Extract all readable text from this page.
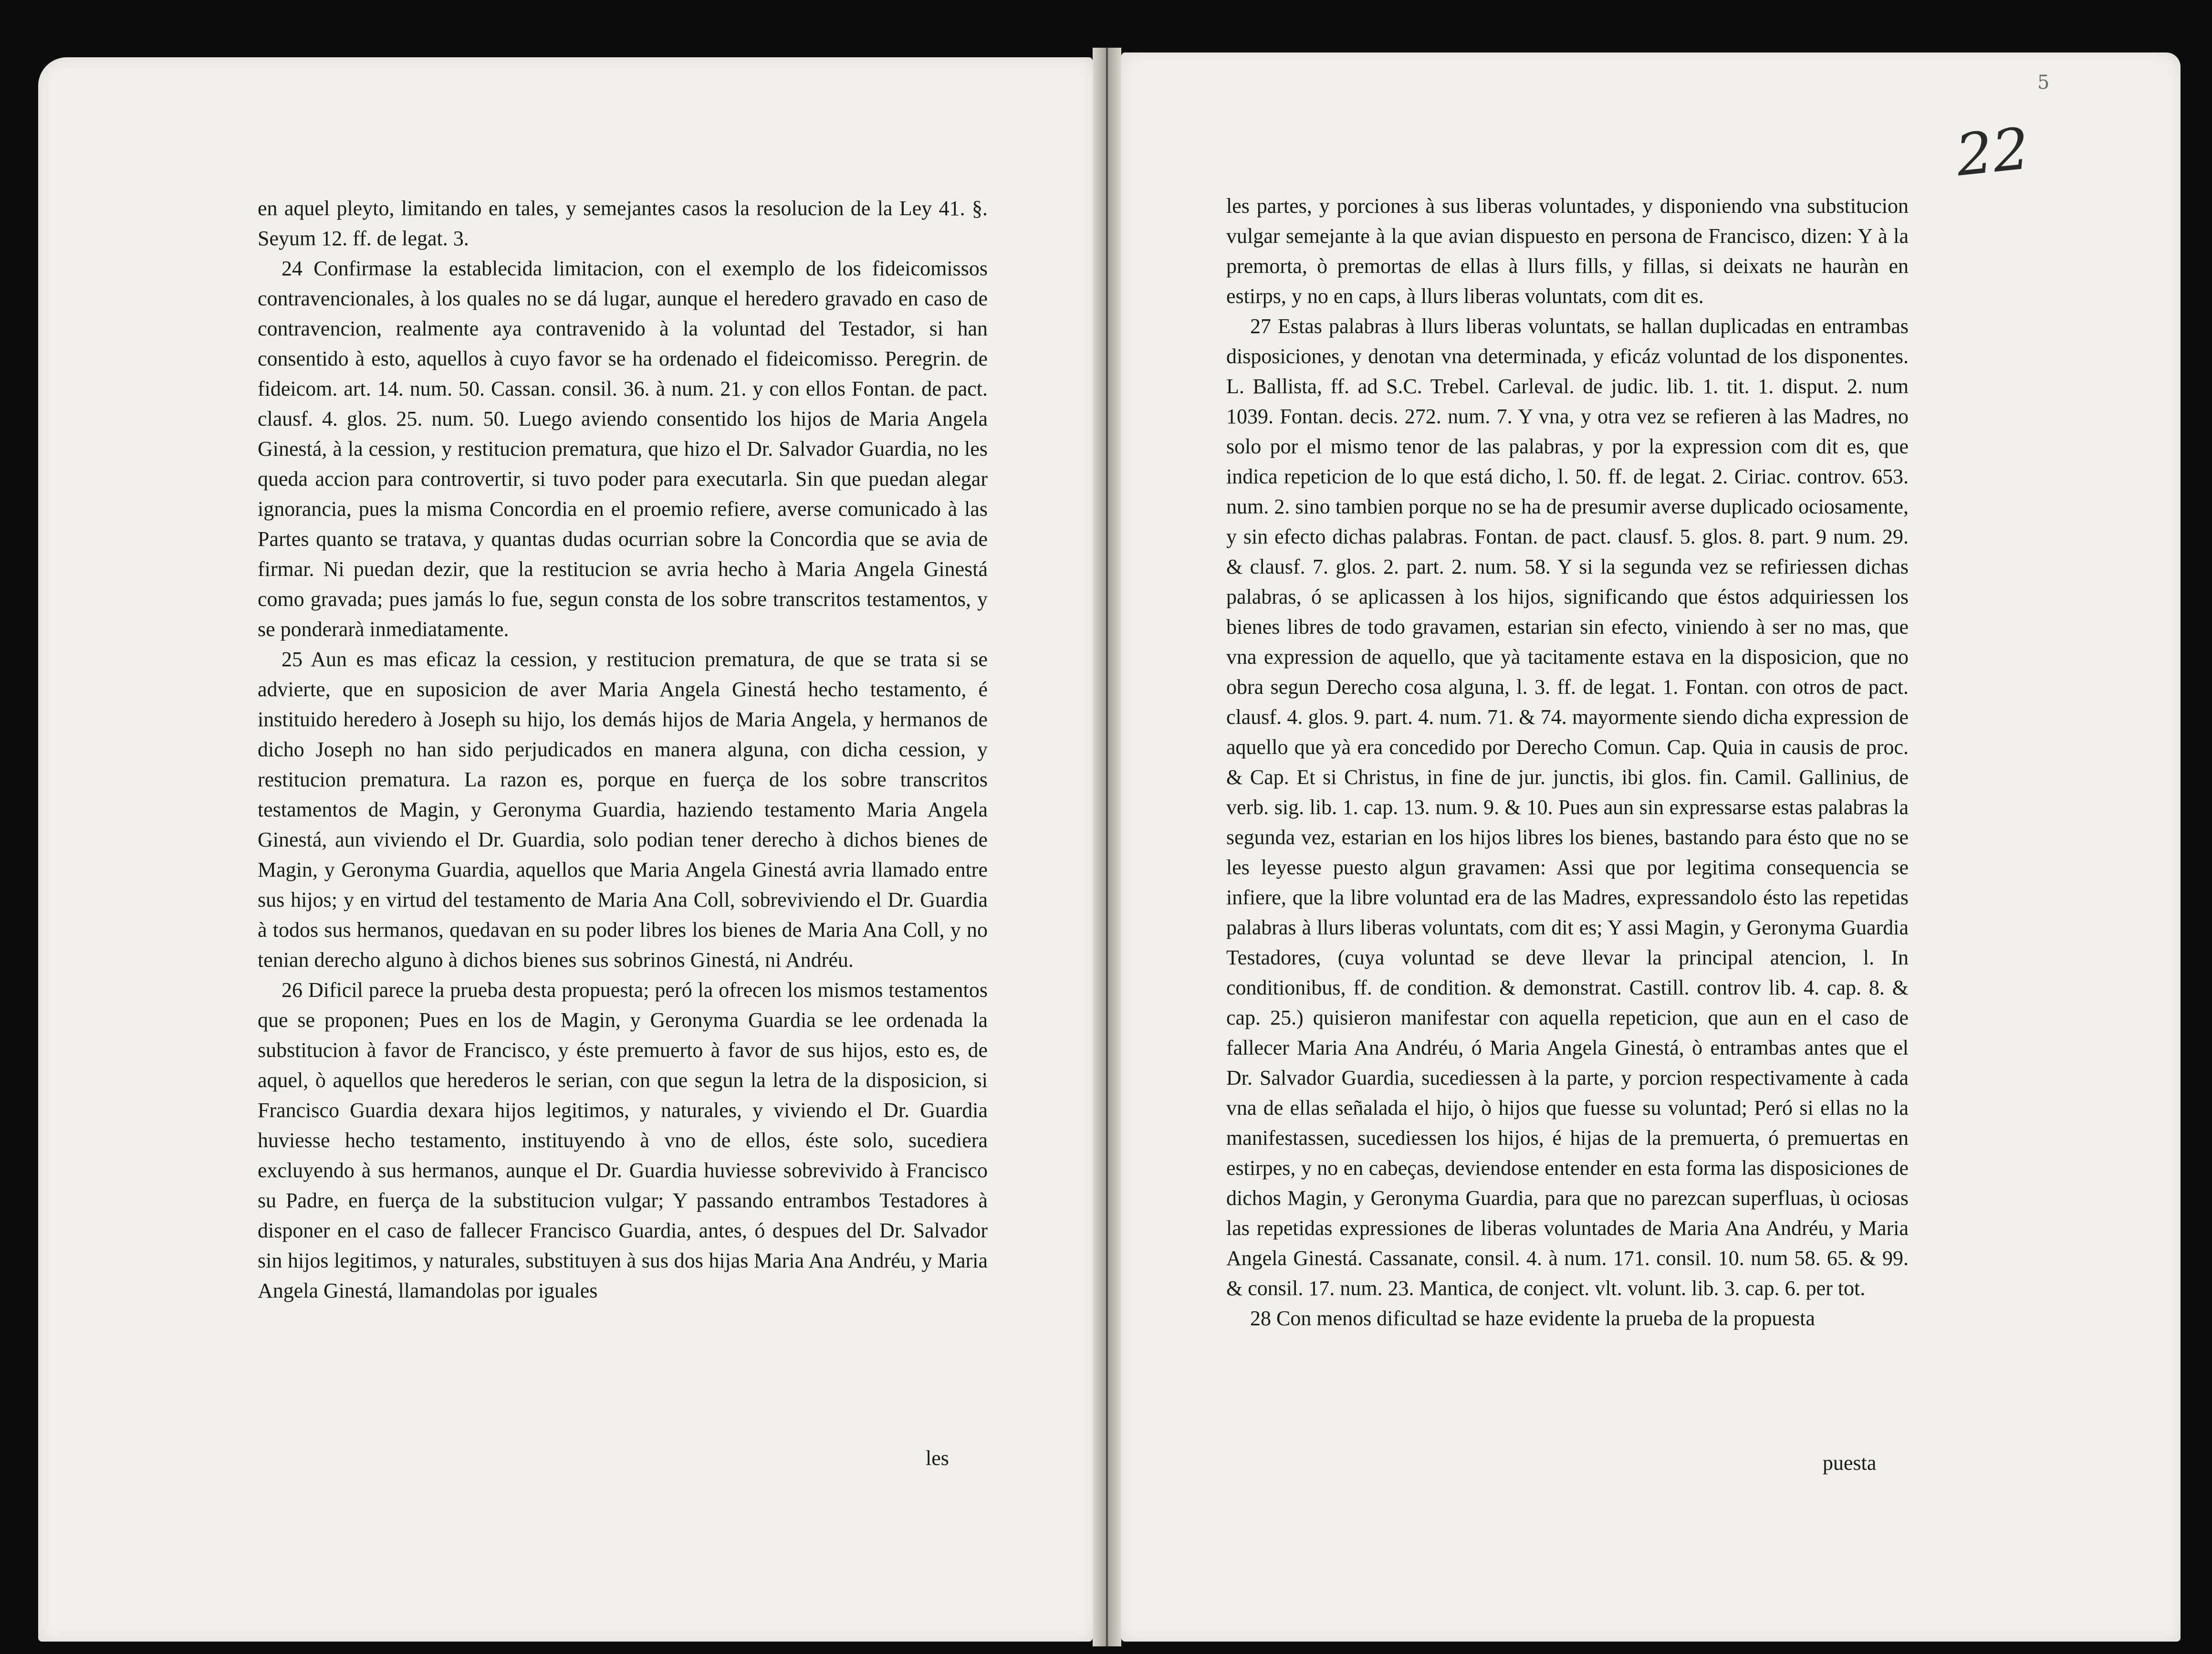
en aquel pleyto, limitando en tales, y semejantes casos la resolucion de la Ley 41. §. Seyum 12. ff. de legat. 3.

24 Confirmase la establecida limitacion, con el exemplo de los fideicomissos contravencionales, à los quales no se dá lugar, aunque el heredero gravado en caso de contravencion, realmente aya contravenido à la voluntad del Testador, si han consentido à esto, aquellos à cuyo favor se ha ordenado el fideicomisso. Peregrin. de fideicom. art. 14. num. 50. Cassan. consil. 36. à num. 21. y con ellos Fontan. de pact. clausf. 4. glos. 25. num. 50. Luego aviendo consentido los hijos de Maria Angela Ginestá, à la cession, y restitucion prematura, que hizo el Dr. Salvador Guardia, no les queda accion para controvertir, si tuvo poder para executarla. Sin que puedan alegar ignorancia, pues la misma Concordia en el proemio refiere, averse comunicado à las Partes quanto se tratava, y quantas dudas ocurrian sobre la Concordia que se avia de firmar. Ni puedan dezir, que la restitucion se avria hecho à Maria Angela Ginestá como gravada; pues jamás lo fue, segun consta de los sobre transcritos testamentos, y se ponderarà inmediatamente.

25 Aun es mas eficaz la cession, y restitucion prematura, de que se trata si se advierte, que en suposicion de aver Maria Angela Ginestá hecho testamento, é instituido heredero à Joseph su hijo, los demás hijos de Maria Angela, y hermanos de dicho Joseph no han sido perjudicados en manera alguna, con dicha cession, y restitucion prematura. La razon es, porque en fuerça de los sobre transcritos testamentos de Magin, y Geronyma Guardia, haziendo testamento Maria Angela Ginestá, aun viviendo el Dr. Guardia, solo podian tener derecho à dichos bienes de Magin, y Geronyma Guardia, aquellos que Maria Angela Ginestá avria llamado entre sus hijos; y en virtud del testamento de Maria Ana Coll, sobreviviendo el Dr. Guardia à todos sus hermanos, quedavan en su poder libres los bienes de Maria Ana Coll, y no tenian derecho alguno à dichos bienes sus sobrinos Ginestá, ni Andréu.

26 Dificil parece la prueba desta propuesta; peró la ofrecen los mismos testamentos que se proponen; Pues en los de Magin, y Geronyma Guardia se lee ordenada la substitucion à favor de Francisco, y éste premuerto à favor de sus hijos, esto es, de aquel, ò aquellos que herederos le serian, con que segun la letra de la disposicion, si Francisco Guardia dexara hijos legitimos, y naturales, y viviendo el Dr. Guardia huviesse hecho testamento, instituyendo à vno de ellos, éste solo, sucediera excluyendo à sus hermanos, aunque el Dr. Guardia huviesse sobrevivido à Francisco su Padre, en fuerça de la substitucion vulgar; Y passando entrambos Testadores à disponer en el caso de fallecer Francisco Guardia, antes, ó despues del Dr. Salvador sin hijos legitimos, y naturales, substituyen à sus dos hijas Maria Ana Andréu, y Maria Angela Ginestá, llamandolas por iguales

les
22
5

les partes, y porciones à sus liberas voluntades, y disponiendo vna substitucion vulgar semejante à la que avian dispuesto en persona de Francisco, dizen: Y à la premorta, ò premortas de ellas à llurs fills, y fillas, si deixats ne hauràn en estirps, y no en caps, à llurs liberas voluntats, com dit es.

27 Estas palabras à llurs liberas voluntats, se hallan duplicadas en entrambas disposiciones, y denotan vna determinada, y eficáz voluntad de los disponentes. L. Ballista, ff. ad S.C. Trebel. Carleval. de judic. lib. 1. tit. 1. disput. 2. num 1039. Fontan. decis. 272. num. 7. Y vna, y otra vez se refieren à las Madres, no solo por el mismo tenor de las palabras, y por la expression com dit es, que indica repeticion de lo que está dicho, l. 50. ff. de legat. 2. Ciriac. controv. 653. num. 2. sino tambien porque no se ha de presumir averse duplicado ociosamente, y sin efecto dichas palabras. Fontan. de pact. clausf. 5. glos. 8. part. 9 num. 29. & clausf. 7. glos. 2. part. 2. num. 58. Y si la segunda vez se refiriessen dichas palabras, ó se aplicassen à los hijos, significando que éstos adquiriessen los bienes libres de todo gravamen, estarian sin efecto, viniendo à ser no mas, que vna expression de aquello, que yà tacitamente estava en la disposicion, que no obra segun Derecho cosa alguna, l. 3. ff. de legat. 1. Fontan. con otros de pact. clausf. 4. glos. 9. part. 4. num. 71. & 74. mayormente siendo dicha expression de aquello que yà era concedido por Derecho Comun. Cap. Quia in causis de proc. & Cap. Et si Christus, in fine de jur. junctis, ibi glos. fin. Camil. Gallinius, de verb. sig. lib. 1. cap. 13. num. 9. & 10. Pues aun sin expressarse estas palabras la segunda vez, estarian en los hijos libres los bienes, bastando para ésto que no se les leyesse puesto algun gravamen: Assi que por legitima consequencia se infiere, que la libre voluntad era de las Madres, expressandolo ésto las repetidas palabras à llurs liberas voluntats, com dit es; Y assi Magin, y Geronyma Guardia Testadores, (cuya voluntad se deve llevar la principal atencion, l. In conditionibus, ff. de condition. & demonstrat. Castill. controv lib. 4. cap. 8. & cap. 25.) quisieron manifestar con aquella repeticion, que aun en el caso de fallecer Maria Ana Andréu, ó Maria Angela Ginestá, ò entrambas antes que el Dr. Salvador Guardia, sucediessen à la parte, y porcion respectivamente à cada vna de ellas señalada el hijo, ò hijos que fuesse su voluntad; Peró si ellas no la manifestassen, sucediessen los hijos, é hijas de la premuerta, ó premuertas en estirpes, y no en cabeças, deviendose entender en esta forma las disposiciones de dichos Magin, y Geronyma Guardia, para que no parezcan superfluas, ù ociosas las repetidas expressiones de liberas voluntades de Maria Ana Andréu, y Maria Angela Ginestá. Cassanate, consil. 4. à num. 171. consil. 10. num 58. 65. & 99. & consil. 17. num. 23. Mantica, de conject. vlt. volunt. lib. 3. cap. 6. per tot.

28 Con menos dificultad se haze evidente la prueba de la propuesta

puesta
